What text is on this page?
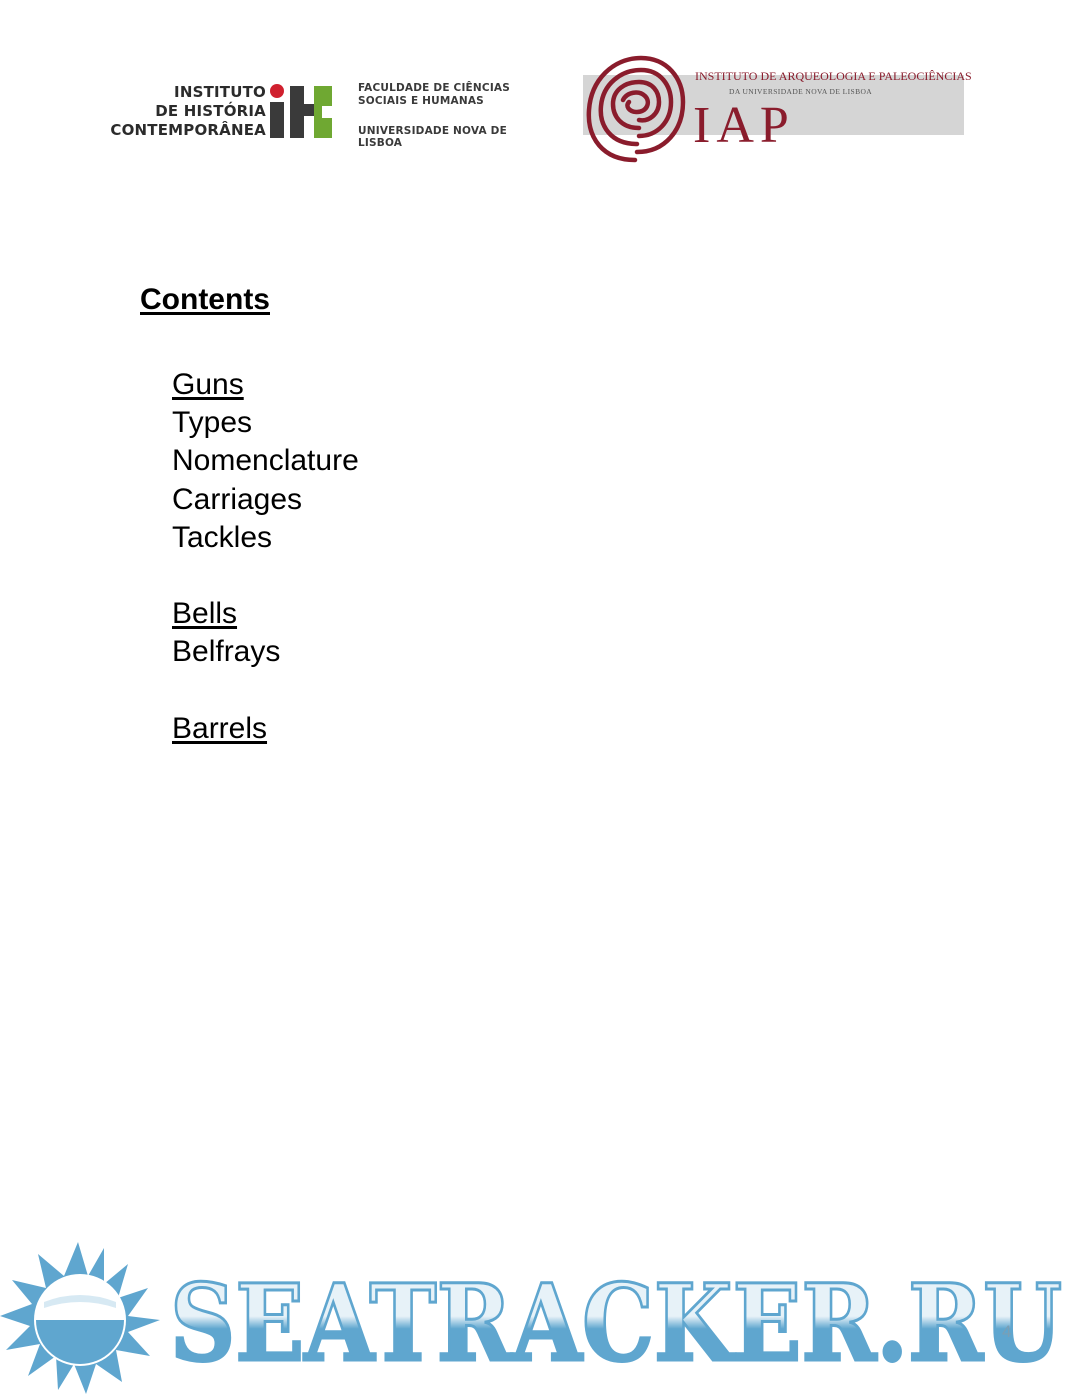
INSTITUTO
DE HISTÓRIA
CONTEMPORÂNEA
FACULDADE DE CIÊNCIAS
SOCIAIS E HUMANAS
UNIVERSIDADE NOVA DE LISBOA
INSTITUTO DE ARQUEOLOGIA E PALEOCIÊNCIAS
DA UNIVERSIDADE NOVA DE LISBOA
IAP
Contents
Guns
Types
Nomenclature
Carriages
Tackles
Bells
Belfrays
Barrels
SEATRACKER.RU
4
